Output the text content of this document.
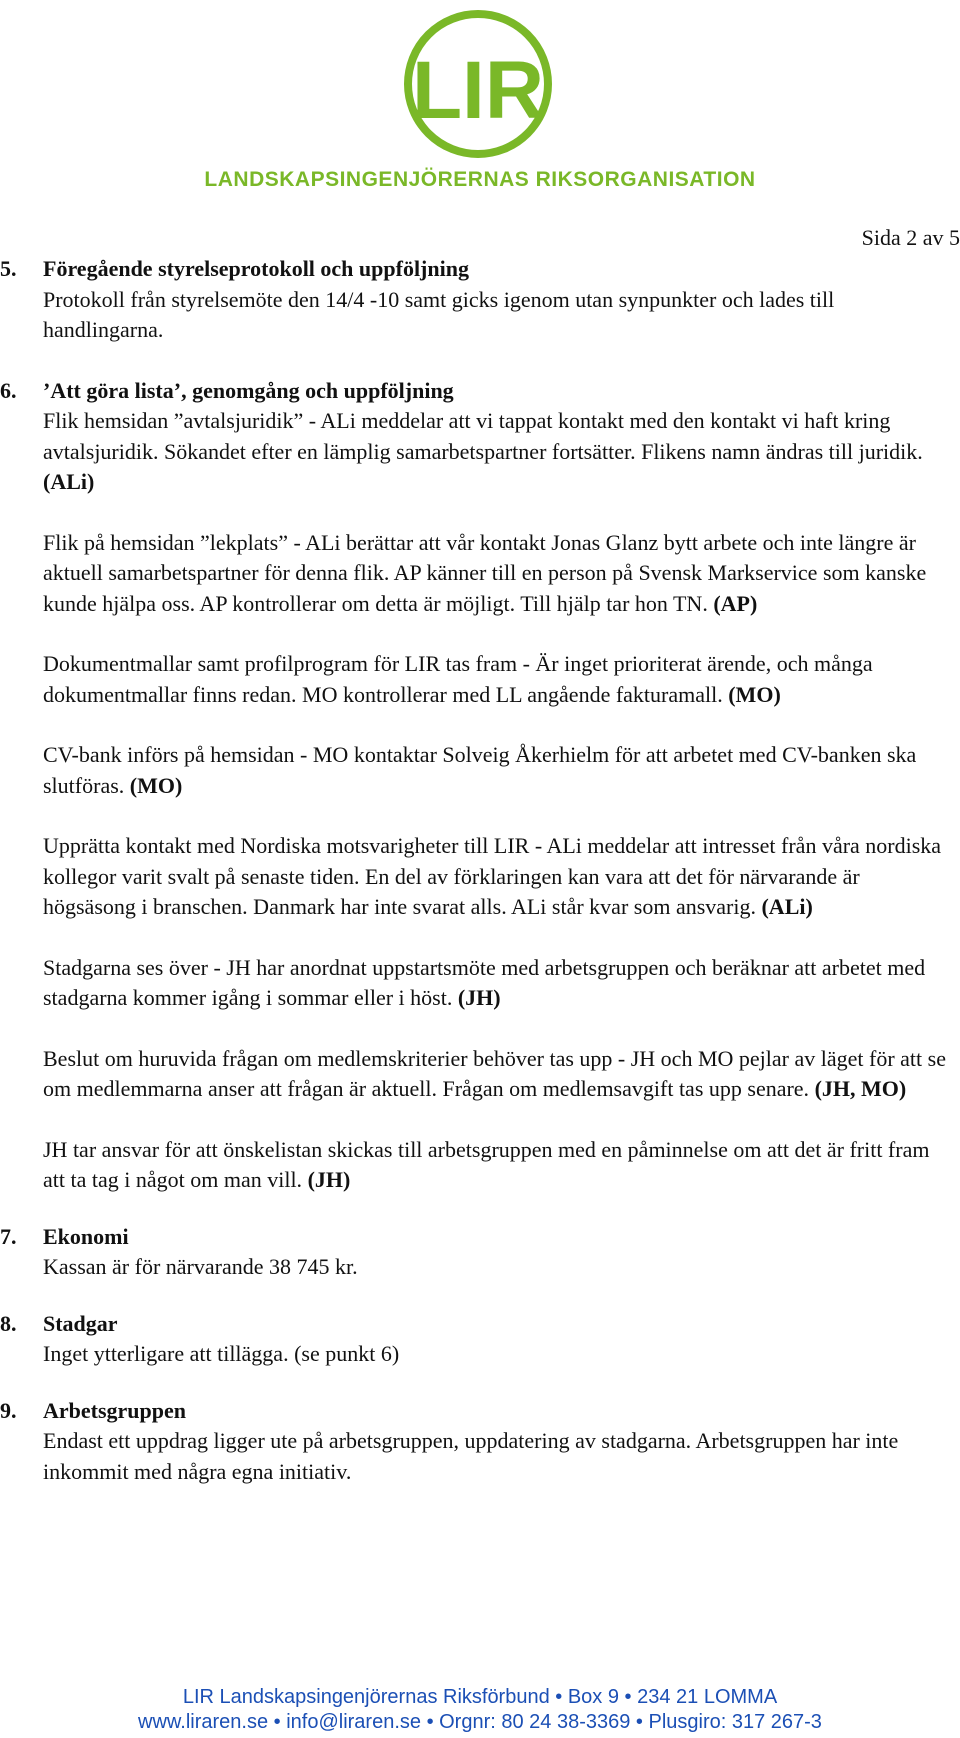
LIR
LANDSKAPSINGENJÖRERNAS RIKSORGANISATION
Sida 2 av 5
5. Föregående styrelseprotokoll och uppföljning

Protokoll från styrelsemöte den 14/4 -10 samt gicks igenom utan synpunkter och lades till handlingarna.

6. ’Att göra lista’, genomgång och uppföljning

Flik hemsidan ”avtalsjuridik” - ALi meddelar att vi tappat kontakt med den kontakt vi haft kring avtalsjuridik. Sökandet efter en lämplig samarbetspartner fortsätter. Flikens namn ändras till juridik. (ALi)

Flik på hemsidan ”lekplats” - ALi berättar att vår kontakt Jonas Glanz bytt arbete och inte längre är aktuell samarbetspartner för denna flik. AP känner till en person på Svensk Markservice som kanske kunde hjälpa oss. AP kontrollerar om detta är möjligt. Till hjälp tar hon TN. (AP)

Dokumentmallar samt profilprogram för LIR tas fram - Är inget prioriterat ärende, och många dokumentmallar finns redan. MO kontrollerar med LL angående fakturamall. (MO)

CV-bank införs på hemsidan - MO kontaktar Solveig Åkerhielm för att arbetet med CV-banken ska slutföras. (MO)

Upprätta kontakt med Nordiska motsvarigheter till LIR - ALi meddelar att intresset från våra nordiska kollegor varit svalt på senaste tiden. En del av förklaringen kan vara att det för närvarande är högsäsong i branschen. Danmark har inte svarat alls. ALi står kvar som ansvarig. (ALi)

Stadgarna ses över - JH har anordnat uppstartsmöte med arbetsgruppen och beräknar att arbetet med stadgarna kommer igång i sommar eller i höst. (JH)

Beslut om huruvida frågan om medlemskriterier behöver tas upp - JH och MO pejlar av läget för att se om medlemmarna anser att frågan är aktuell. Frågan om medlemsavgift tas upp senare. (JH, MO)

JH tar ansvar för att önskelistan skickas till arbetsgruppen med en påminnelse om att det är fritt fram att ta tag i något om man vill. (JH)

7. Ekonomi

Kassan är för närvarande 38 745 kr.

8. Stadgar

Inget ytterligare att tillägga. (se punkt 6)

9. Arbetsgruppen

Endast ett uppdrag ligger ute på arbetsgruppen, uppdatering av stadgarna. Arbetsgruppen har inte inkommit med några egna initiativ.

LIR Landskapsingenjörernas Riksförbund • Box 9 • 234 21 LOMMA
www.liraren.se • info@liraren.se • Orgnr: 80 24 38-3369 • Plusgiro: 317 267-3
